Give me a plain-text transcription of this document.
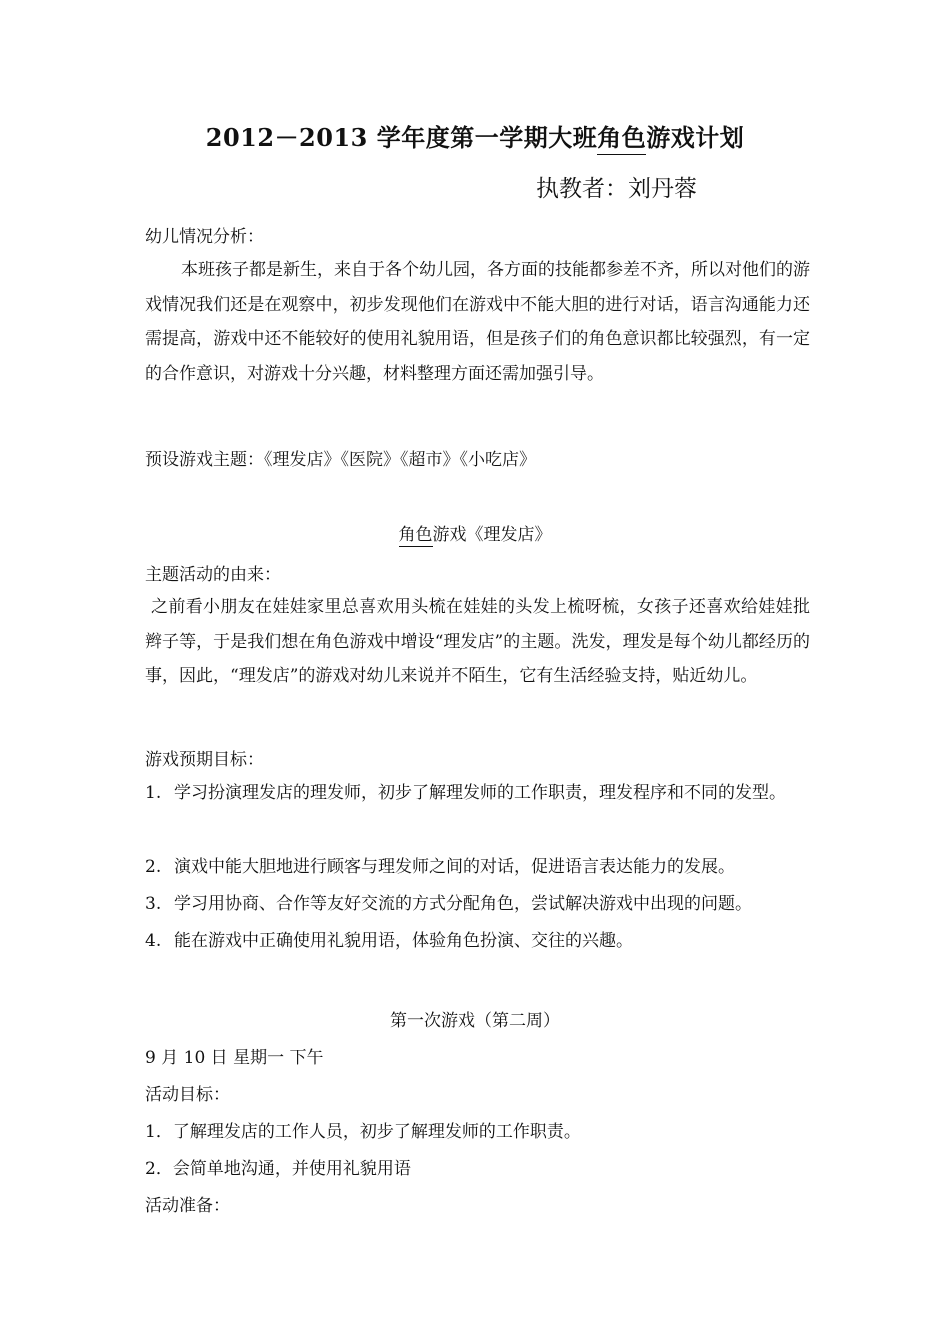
2012－2013 学年度第一学期大班角色游戏计划
执教者：刘丹蓉
幼儿情况分析：
本班孩子都是新生，来自于各个幼儿园，各方面的技能都参差不齐，所以对他们的游戏情况我们还是在观察中，初步发现他们在游戏中不能大胆的进行对话，语言沟通能力还需提高，游戏中还不能较好的使用礼貌用语，但是孩子们的角色意识都比较强烈，有一定的合作意识，对游戏十分兴趣，材料整理方面还需加强引导。
预设游戏主题：《理发店》《医院》《超市》《小吃店》
角色游戏《理发店》
主题活动的由来：
之前看小朋友在娃娃家里总喜欢用头梳在娃娃的头发上梳呀梳，女孩子还喜欢给娃娃批辫子等，于是我们想在角色游戏中增设“理发店”的主题。洗发，理发是每个幼儿都经历的事，因此，“理发店”的游戏对幼儿来说并不陌生，它有生活经验支持，贴近幼儿。
游戏预期目标：
1. 学习扮演理发店的理发师，初步了解理发师的工作职责，理发程序和不同的发型。
2. 演戏中能大胆地进行顾客与理发师之间的对话，促进语言表达能力的发展。
3. 学习用协商、合作等友好交流的方式分配角色，尝试解决游戏中出现的问题。
4. 能在游戏中正确使用礼貌用语，体验角色扮演、交往的兴趣。
第一次游戏（第二周）
9 月 10 日 星期一 下午
活动目标：
1．了解理发店的工作人员，初步了解理发师的工作职责。
2．会简单地沟通，并使用礼貌用语
活动准备：
